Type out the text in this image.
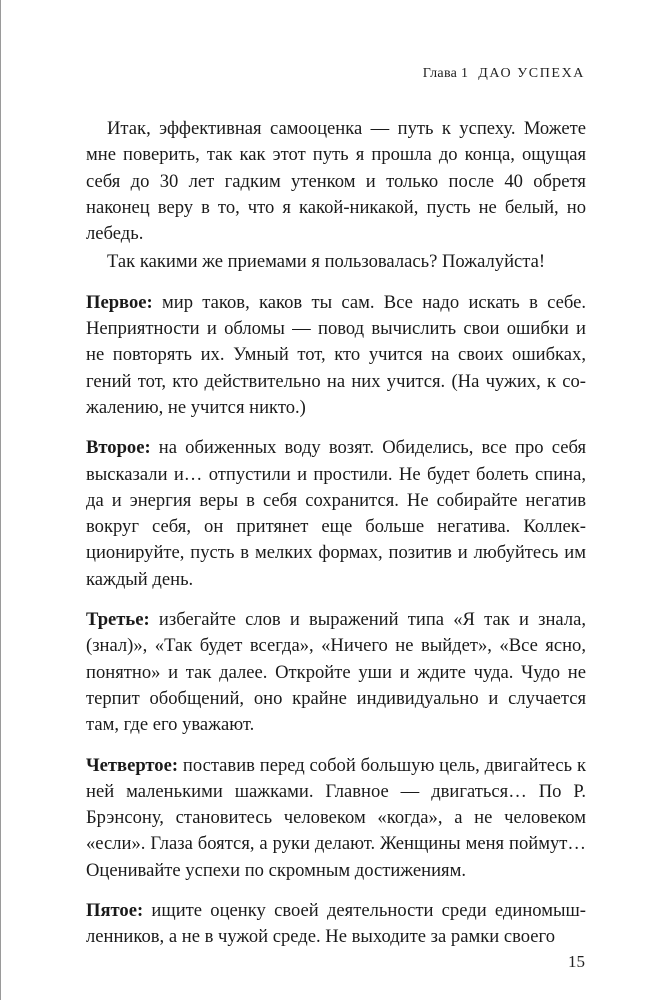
Глава 1 ДАО УСПЕХА

Итак, эффективная самооценка — путь к успеху. Можете мне поверить, так как этот путь я прошла до конца, ощущая себя до 30 лет гадким утенком и только после 40 обретя наконец веру в то, что я какой-никакой, пусть не белый, но лебедь.

Так какими же приемами я пользовалась? Пожалуйста!

Первое: мир таков, каков ты сам. Все надо искать в себе. Неприятности и обломы — повод вычислить свои ошибки и не повторять их. Умный тот, кто учится на своих ошибках, гений тот, кто действительно на них учится. (На чужих, к сожалению, не учится никто.)

Второе: на обиженных воду возят. Обиделись, все про себя высказали и… отпустили и простили. Не будет болеть спина, да и энергия веры в себя сохранится. Не собирайте негатив вокруг себя, он притянет еще больше негатива. Коллекционируйте, пусть в мелких формах, позитив и любуйтесь им каждый день.

Третье: избегайте слов и выражений типа «Я так и знала, (знал)», «Так будет всегда», «Ничего не выйдет», «Все ясно, понятно» и так далее. Откройте уши и ждите чуда. Чудо не терпит обобщений, оно крайне индивидуально и случается там, где его уважают.

Четвертое: поставив перед собой большую цель, двигайтесь к ней маленькими шажками. Главное — двигаться… По Р. Брэнсону, становитесь человеком «когда», а не человеком «если». Глаза боятся, а руки делают. Женщины меня поймут… Оценивайте успехи по скромным достижениям.

Пятое: ищите оценку своей деятельности среди единомышленников, а не в чужой среде. Не выходите за рамки своего

15
